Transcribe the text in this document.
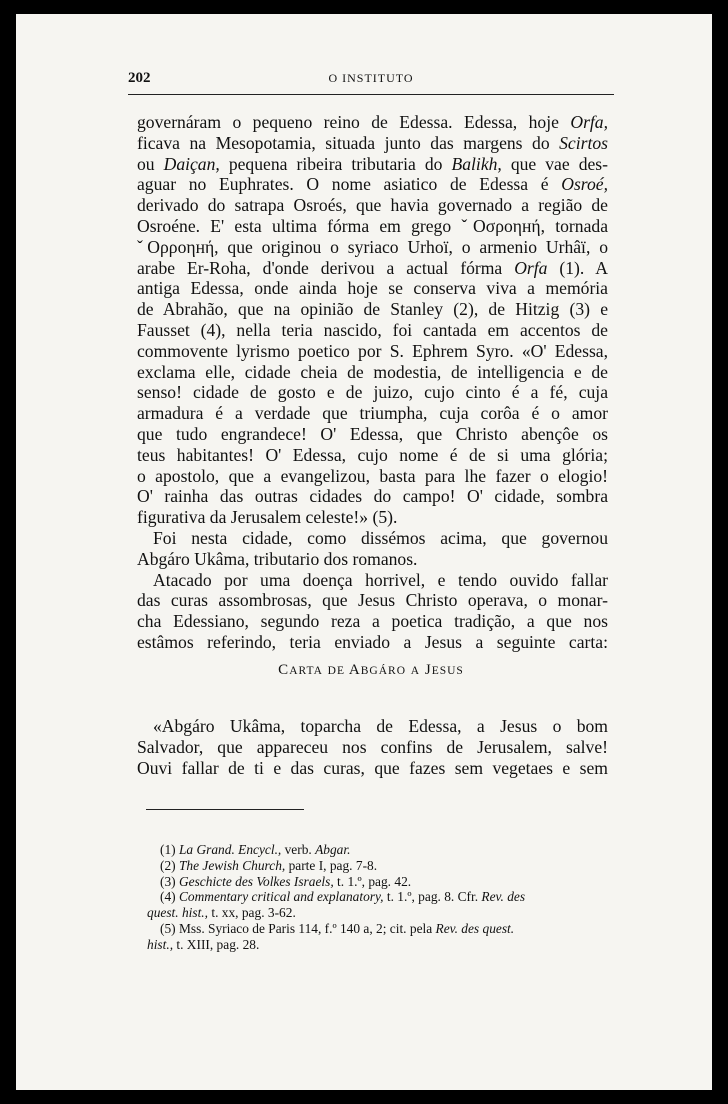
202	O INSTITUTO
governáram o pequeno reino de Edessa. Edessa, hoje Orfa,
ficava na Mesopotamia, situada junto das margens do Scirtos
ou Daiçan, pequena ribeira tributaria do Balikh, que vae des-
aguar no Euphrates. O nome asiatico de Edessa é Osroé,
derivado do satrapa Osroés, que havia governado a região de
Osroéne. E' esta ultima fórma em grego ˇΟσροηнή, tornada
ˇΟρροηнή, que originou o syriaco Urhoï, o armenio Urhâï, o
arabe Er-Roha, d'onde derivou a actual fórma Orfa (1). A
antiga Edessa, onde ainda hoje se conserva viva a memória
de Abrahão, que na opinião de Stanley (2), de Hitzig (3) e
Fausset (4), nella teria nascido, foi cantada em accentos de
commovente lyrismo poetico por S. Ephrem Syro. «O' Edessa,
exclama elle, cidade cheia de modestia, de intelligencia e de
senso! cidade de gosto e de juizo, cujo cinto é a fé, cuja
armadura é a verdade que triumpha, cuja corôa é o amor
que tudo engrandece! O' Edessa, que Christo abençôe os
teus habitantes! O' Edessa, cujo nome é de si uma glória;
o apostolo, que a evangelizou, basta para lhe fazer o elogio!
O' rainha das outras cidades do campo! O' cidade, sombra
figurativa da Jerusalem celeste!» (5).
Foi nesta cidade, como dissémos acima, que governou
Abgáro Ukâma, tributario dos romanos.
Atacado por uma doença horrivel, e tendo ouvido fallar
das curas assombrosas, que Jesus Christo operava, o monar-
cha Edessiano, segundo reza a poetica tradição, a que nos
estâmos referindo, teria enviado a Jesus a seguinte carta:
CARTA DE ABGÁRO A JESUS
«Abgáro Ukâma, toparcha de Edessa, a Jesus o bom
Salvador, que appareceu nos confins de Jerusalem, salve!
Ouvi fallar de ti e das curas, que fazes sem vegetaes e sem
(1) La Grand. Encycl., verb. Abgar.
(2) The Jewish Church, parte I, pag. 7-8.
(3) Geschicte des Volkes Israels, t. 1.º, pag. 42.
(4) Commentary critical and explanatory, t. 1.º, pag. 8. Cfr. Rev. des
quest. hist., t. xx, pag. 3-62.
(5) Mss. Syriaco de Paris 114, f.º 140 a, 2; cit. pela Rev. des quest.
hist., t. XIII, pag. 28.
